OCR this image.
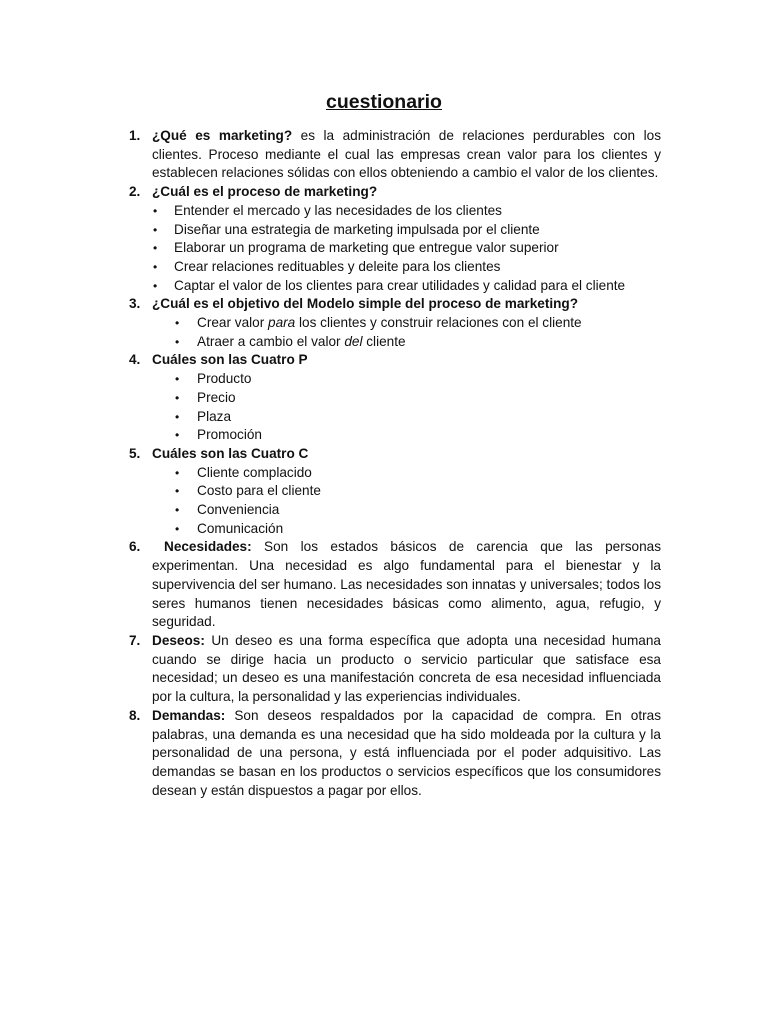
cuestionario
1. ¿Qué es marketing? es la administración de relaciones perdurables con los clientes. Proceso mediante el cual las empresas crean valor para los clientes y establecen relaciones sólidas con ellos obteniendo a cambio el valor de los clientes.

2. ¿Cuál es el proceso de marketing?

• Entender el mercado y las necesidades de los clientes
• Diseñar una estrategia de marketing impulsada por el cliente
• Elaborar un programa de marketing que entregue valor superior
• Crear relaciones redituables y deleite para los clientes
• Captar el valor de los clientes para crear utilidades y calidad para el cliente
3. ¿Cuál es el objetivo del Modelo simple del proceso de marketing?

• Crear valor para los clientes y construir relaciones con el cliente
• Atraer a cambio el valor del cliente
4. Cuáles son las Cuatro P

• Producto
• Precio
• Plaza
• Promoción
5. Cuáles son las Cuatro C

• Cliente complacido
• Costo para el cliente
• Conveniencia
• Comunicación
6.	Necesidades: Son los estados básicos de carencia que las personas experimentan. Una necesidad es algo fundamental para el bienestar y la supervivencia del ser humano. Las necesidades son innatas y universales; todos los seres humanos tienen necesidades básicas como alimento, agua, refugio, y seguridad.

7. Deseos: Un deseo es una forma específica que adopta una necesidad humana cuando se dirige hacia un producto o servicio particular que satisface esa necesidad; un deseo es una manifestación concreta de esa necesidad influenciada por la cultura, la personalidad y las experiencias individuales.

8. Demandas: Son deseos respaldados por la capacidad de compra. En otras palabras, una demanda es una necesidad que ha sido moldeada por la cultura y la personalidad de una persona, y está influenciada por el poder adquisitivo. Las demandas se basan en los productos o servicios específicos que los consumidores desean y están dispuestos a pagar por ellos.
